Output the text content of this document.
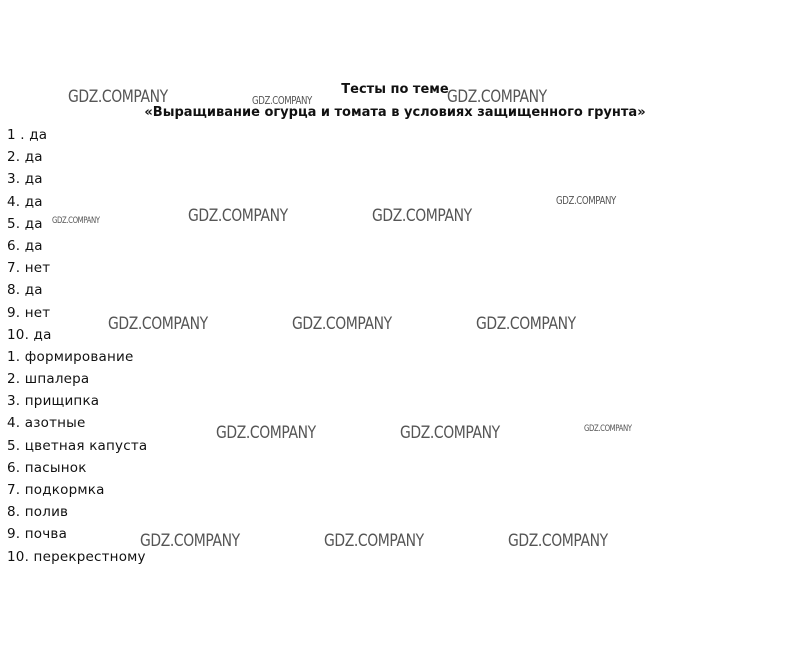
Тесты по теме
«Выращивание огурца и томата в условиях защищенного грунта»
1 . да
2. да
3. да
4. да
5. да
6. да
7. нет
8. да
9. нет
10. да
1. формирование
2. шпалера
3. прищипка
4. азотные
5. цветная капуста
6. пасынок
7. подкормка
8. полив
9. почва
10. перекрестному
GDZ.COMPANY	GDZ.COMPANY	GDZ.COMPANY
GDZ.COMPANY
GDZ.COMPANY	GDZ.COMPANY	GDZ.COMPANY
GDZ.COMPANY	GDZ.COMPANY	GDZ.COMPANY
GDZ.COMPANY	GDZ.COMPANY	GDZ.COMPANY
GDZ.COMPANY	GDZ.COMPANY	GDZ.COMPANY
